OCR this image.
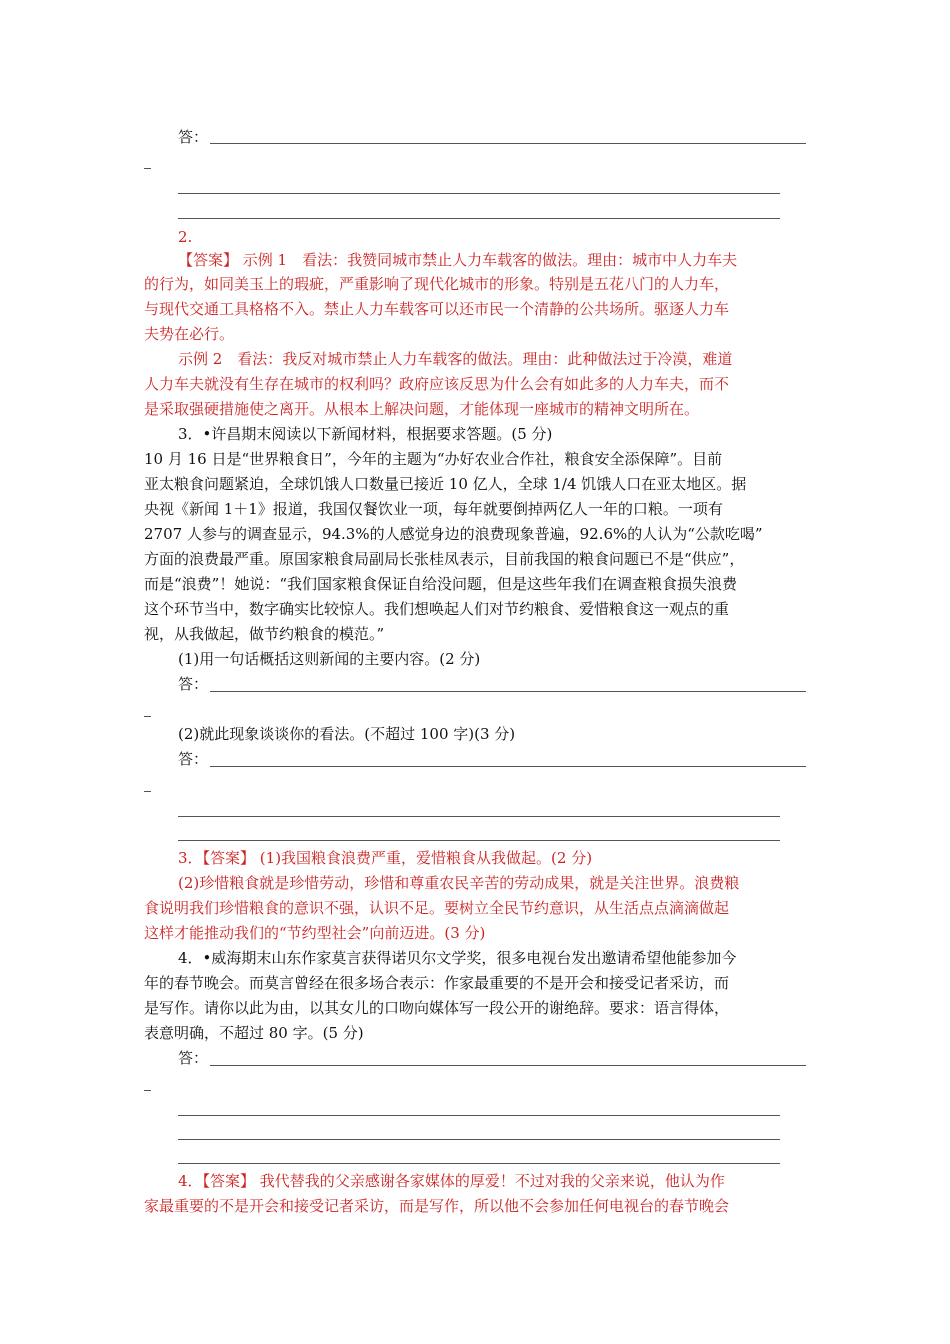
答：
2.
【答案】 示例 1　看法：我赞同城市禁止人力车载客的做法。理由：城市中人力车夫
的行为，如同美玉上的瑕疵，严重影响了现代化城市的形象。特别是五花八门的人力车，
与现代交通工具格格不入。禁止人力车载客可以还市民一个清静的公共场所。驱逐人力车
夫势在必行。
示例 2　看法：我反对城市禁止人力车载客的做法。理由：此种做法过于冷漠，难道
人力车夫就没有生存在城市的权利吗？政府应该反思为什么会有如此多的人力车夫，而不
是采取强硬措施使之离开。从根本上解决问题，才能体现一座城市的精神文明所在。
3．•许昌期末阅读以下新闻材料，根据要求答题。(5 分)
10 月 16 日是“世界粮食日”，今年的主题为“办好农业合作社，粮食安全添保障”。目前
亚太粮食问题紧迫，全球饥饿人口数量已接近 10 亿人，全球 1/4 饥饿人口在亚太地区。据
央视《新闻 1＋1》报道，我国仅餐饮业一项，每年就要倒掉两亿人一年的口粮。一项有
2707 人参与的调查显示，94.3%的人感觉身边的浪费现象普遍，92.6%的人认为“公款吃喝”
方面的浪费最严重。原国家粮食局副局长张桂凤表示，目前我国的粮食问题已不是“供应”，
而是“浪费”！她说：“我们国家粮食保证自给没问题，但是这些年我们在调查粮食损失浪费
这个环节当中，数字确实比较惊人。我们想唤起人们对节约粮食、爱惜粮食这一观点的重
视，从我做起，做节约粮食的模范。”
(1)用一句话概括这则新闻的主要内容。(2 分)
答：
(2)就此现象谈谈你的看法。(不超过 100 字)(3 分)
答：
3．【答案】 (1)我国粮食浪费严重，爱惜粮食从我做起。(2 分)
(2)珍惜粮食就是珍惜劳动，珍惜和尊重农民辛苦的劳动成果，就是关注世界。浪费粮
食说明我们珍惜粮食的意识不强，认识不足。要树立全民节约意识，从生活点点滴滴做起
这样才能推动我们的“节约型社会”向前迈进。(3 分)
4．•威海期末山东作家莫言获得诺贝尔文学奖，很多电视台发出邀请希望他能参加今
年的春节晚会。而莫言曾经在很多场合表示：作家最重要的不是开会和接受记者采访，而
是写作。请你以此为由，以其女儿的口吻向媒体写一段公开的谢绝辞。要求：语言得体，
表意明确，不超过 80 字。(5 分)
答：
4．【答案】 我代替我的父亲感谢各家媒体的厚爱！不过对我的父亲来说，他认为作
家最重要的不是开会和接受记者采访，而是写作，所以他不会参加任何电视台的春节晚会
